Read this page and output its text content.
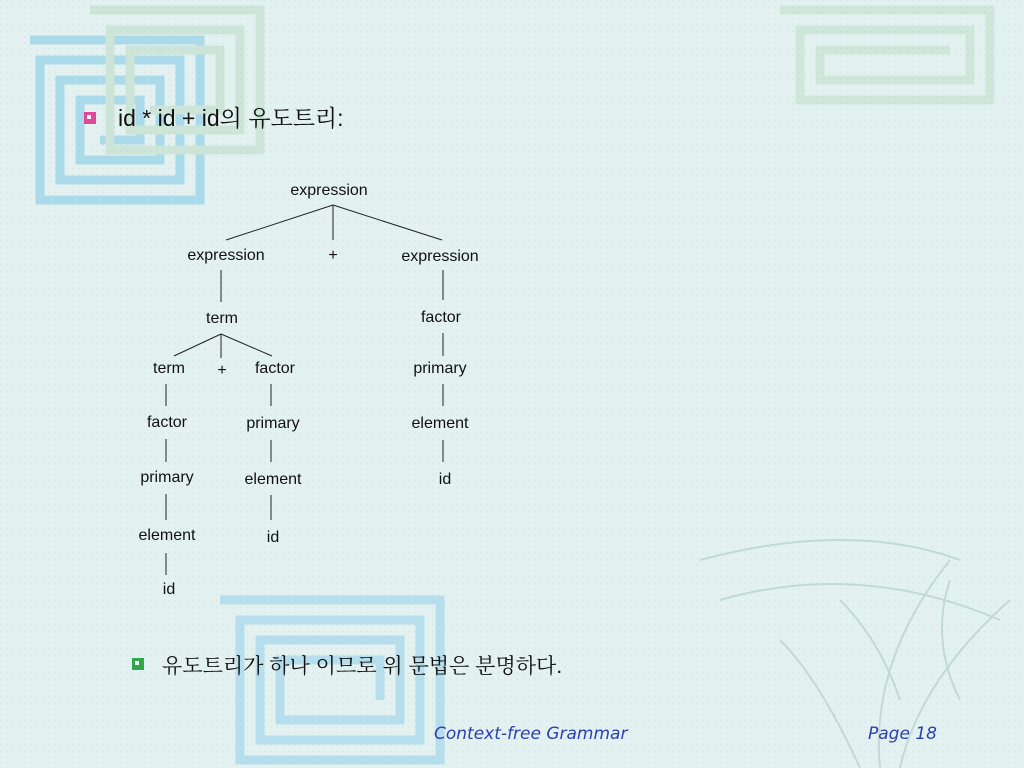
id * id + id의 유도트리:
expression
expression	+	expression
term
term + factor
factor	primary
primary	element
element	id
id
factor
primary
element
id
유도트리가 하나 이므로 위 문법은 분명하다.
Context-free Grammar	Page 18
